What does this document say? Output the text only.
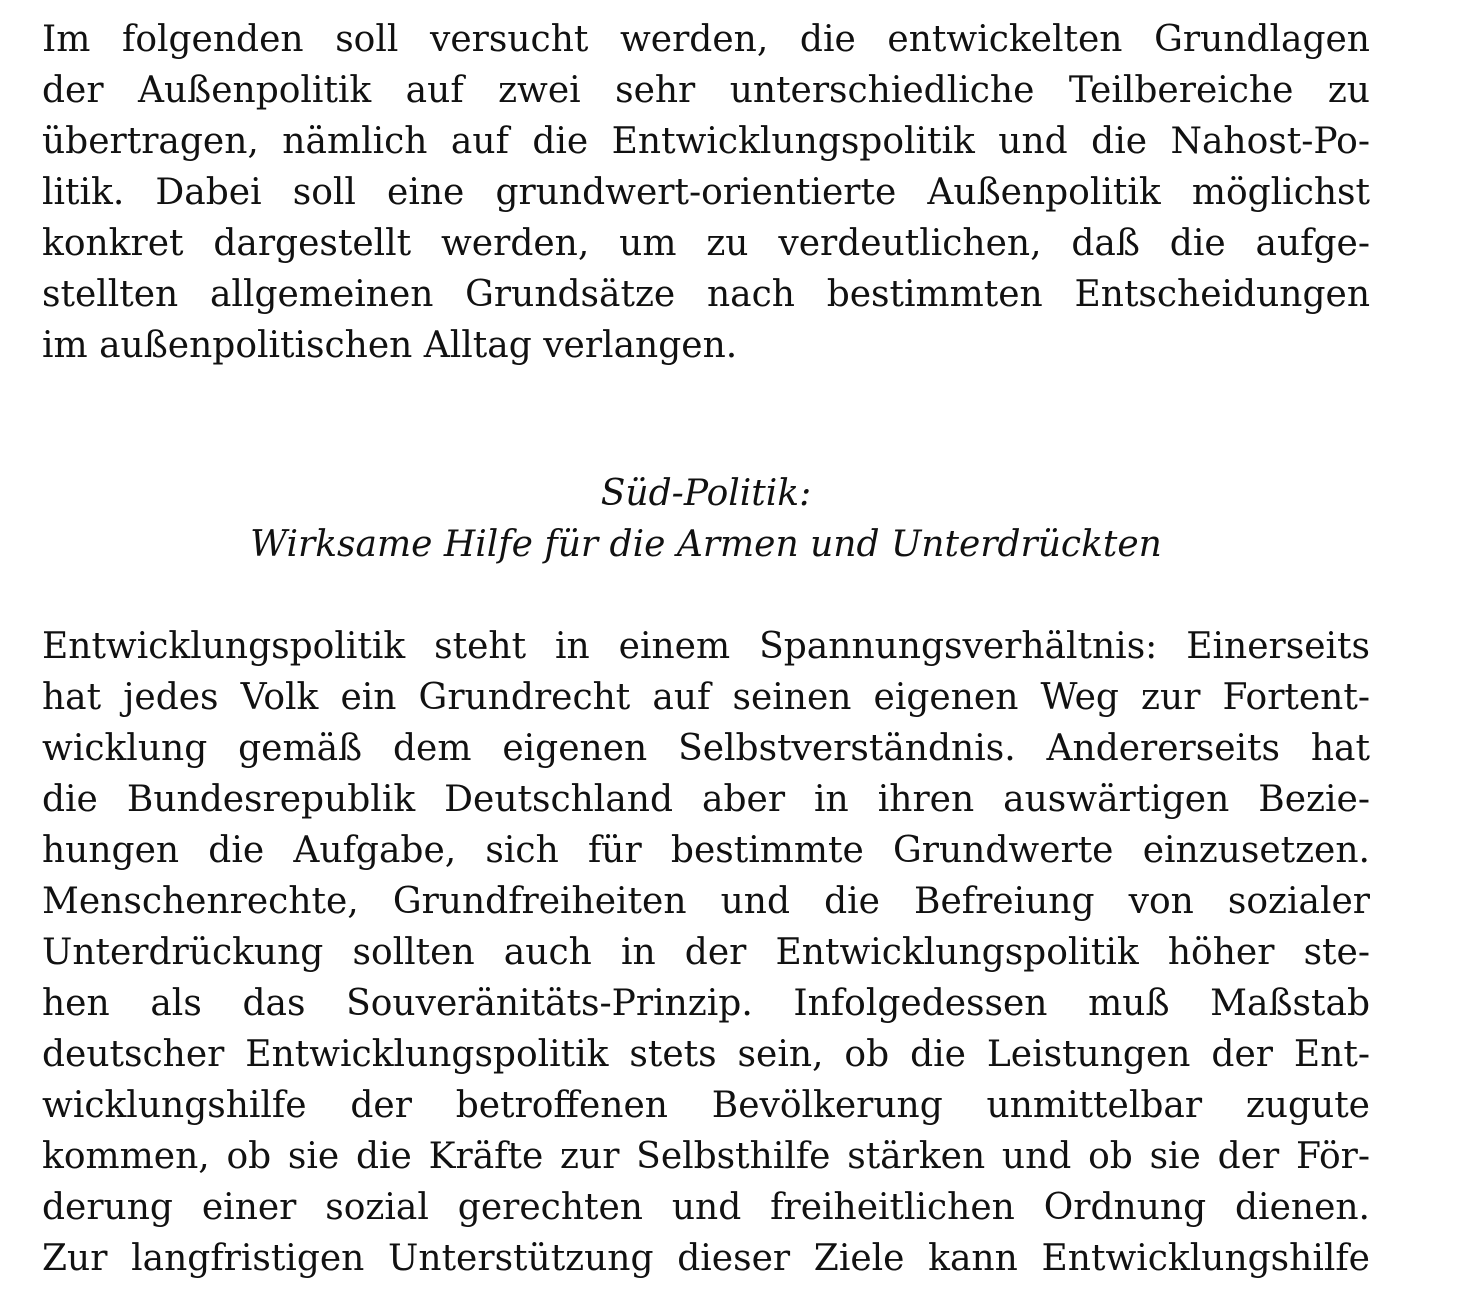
Im folgenden soll versucht werden, die entwickelten Grundlagen
der Außenpolitik auf zwei sehr unterschiedliche Teilbereiche zu
übertragen, nämlich auf die Entwicklungspolitik und die Nahost-Po-
litik. Dabei soll eine grundwert-orientierte Außenpolitik möglichst
konkret dargestellt werden, um zu verdeutlichen, daß die aufge-
stellten allgemeinen Grundsätze nach bestimmten Entscheidungen
im außenpolitischen Alltag verlangen.
Süd-Politik:
Wirksame Hilfe für die Armen und Unterdrückten
Entwicklungspolitik steht in einem Spannungsverhältnis: Einerseits
hat jedes Volk ein Grundrecht auf seinen eigenen Weg zur Fortent-
wicklung gemäß dem eigenen Selbstverständnis. Andererseits hat
die Bundesrepublik Deutschland aber in ihren auswärtigen Bezie-
hungen die Aufgabe, sich für bestimmte Grundwerte einzusetzen.
Menschenrechte, Grundfreiheiten und die Befreiung von sozialer
Unterdrückung sollten auch in der Entwicklungspolitik höher ste-
hen als das Souveränitäts-Prinzip. Infolgedessen muß Maßstab
deutscher Entwicklungspolitik stets sein, ob die Leistungen der Ent-
wicklungshilfe der betroffenen Bevölkerung unmittelbar zugute
kommen, ob sie die Kräfte zur Selbsthilfe stärken und ob sie der För-
derung einer sozial gerechten und freiheitlichen Ordnung dienen.
Zur langfristigen Unterstützung dieser Ziele kann Entwicklungshilfe
